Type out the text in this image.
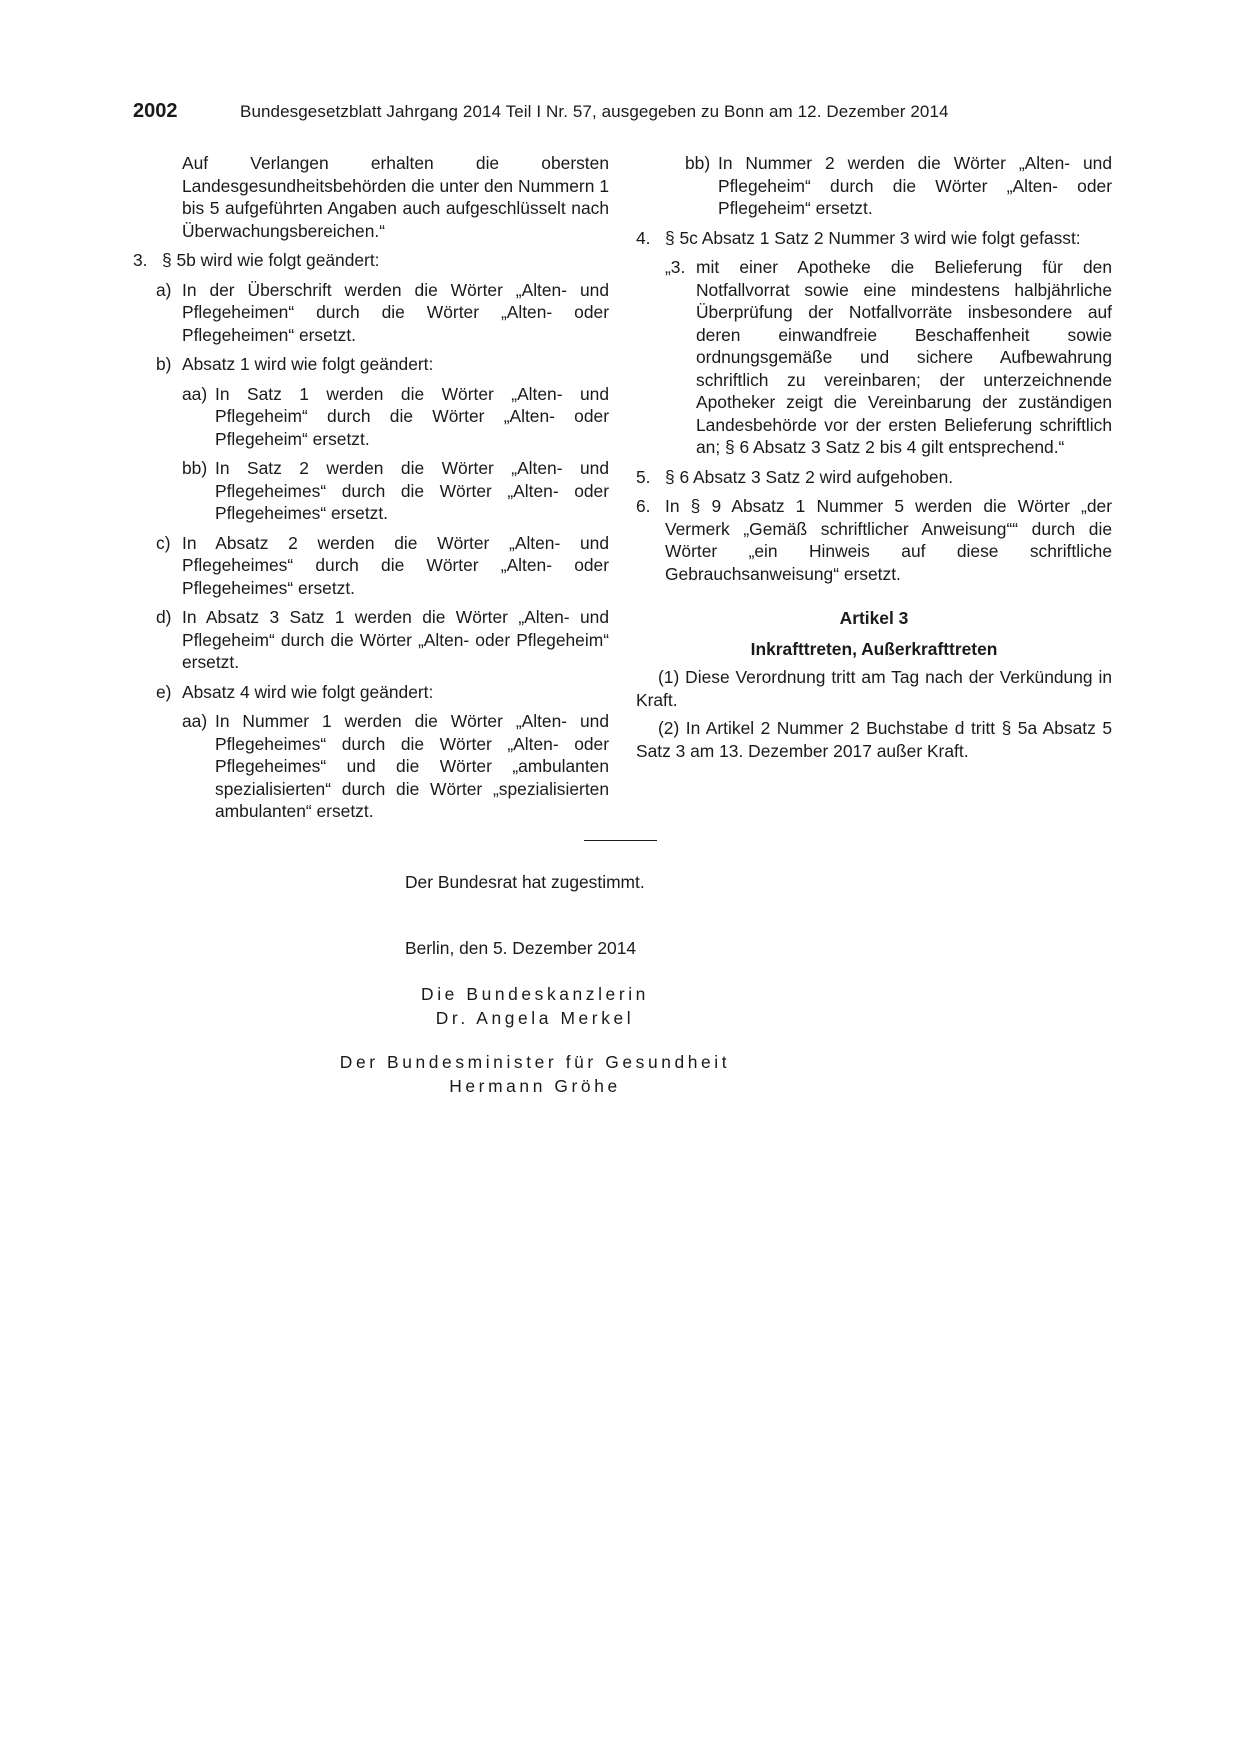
2002	Bundesgesetzblatt Jahrgang 2014 Teil I Nr. 57, ausgegeben zu Bonn am 12. Dezember 2014
Auf Verlangen erhalten die obersten Landesgesundheitsbehörden die unter den Nummern 1 bis 5 aufgeführten Angaben auch aufgeschlüsselt nach Überwachungsbereichen.“
3. § 5b wird wie folgt geändert:
a) In der Überschrift werden die Wörter „Alten- und Pflegeheimen“ durch die Wörter „Alten- oder Pflegeheimen“ ersetzt.
b) Absatz 1 wird wie folgt geändert:
aa) In Satz 1 werden die Wörter „Alten- und Pflegeheim“ durch die Wörter „Alten- oder Pflegeheim“ ersetzt.
bb) In Satz 2 werden die Wörter „Alten- und Pflegeheimes“ durch die Wörter „Alten- oder Pflegeheimes“ ersetzt.
c) In Absatz 2 werden die Wörter „Alten- und Pflegeheimes“ durch die Wörter „Alten- oder Pflegeheimes“ ersetzt.
d) In Absatz 3 Satz 1 werden die Wörter „Alten- und Pflegeheim“ durch die Wörter „Alten- oder Pflegeheim“ ersetzt.
e) Absatz 4 wird wie folgt geändert:
aa) In Nummer 1 werden die Wörter „Alten- und Pflegeheimes“ durch die Wörter „Alten- oder Pflegeheimes“ und die Wörter „ambulanten spezialisierten“ durch die Wörter „spezialisierten ambulanten“ ersetzt.
bb) In Nummer 2 werden die Wörter „Alten- und Pflegeheim“ durch die Wörter „Alten- oder Pflegeheim“ ersetzt.
4. § 5c Absatz 1 Satz 2 Nummer 3 wird wie folgt gefasst:
„3. mit einer Apotheke die Belieferung für den Notfallvorrat sowie eine mindestens halbjährliche Überprüfung der Notfallvorräte insbesondere auf deren einwandfreie Beschaffenheit sowie ordnungsgemäße und sichere Aufbewahrung schriftlich zu vereinbaren; der unterzeichnende Apotheker zeigt die Vereinbarung der zuständigen Landesbehörde vor der ersten Belieferung schriftlich an; § 6 Absatz 3 Satz 2 bis 4 gilt entsprechend.“
5. § 6 Absatz 3 Satz 2 wird aufgehoben.
6. In § 9 Absatz 1 Nummer 5 werden die Wörter „der Vermerk „Gemäß schriftlicher Anweisung““ durch die Wörter „ein Hinweis auf diese schriftliche Gebrauchsanweisung“ ersetzt.
Artikel 3
Inkrafttreten, Außerkrafttreten
(1) Diese Verordnung tritt am Tag nach der Verkündung in Kraft.
(2) In Artikel 2 Nummer 2 Buchstabe d tritt § 5a Absatz 5 Satz 3 am 13. Dezember 2017 außer Kraft.
Der Bundesrat hat zugestimmt.
Berlin, den 5. Dezember 2014
Die Bundeskanzlerin
Dr. Angela Merkel
Der Bundesminister für Gesundheit
Hermann Gröhe
